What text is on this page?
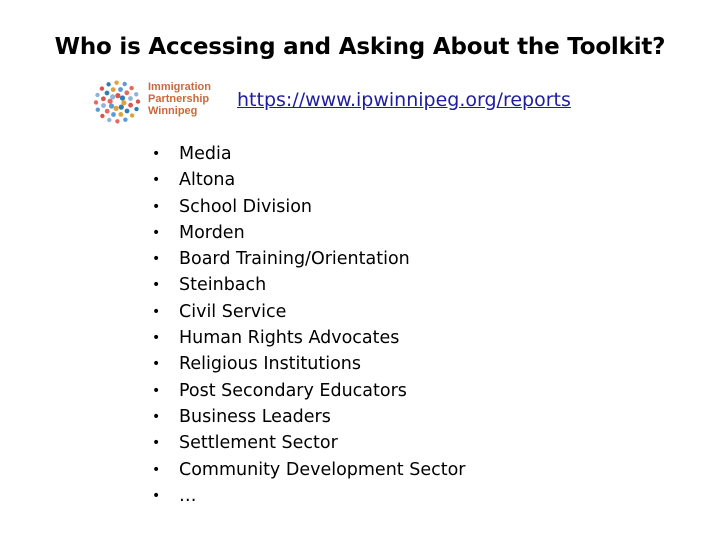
Who is Accessing and Asking About the Toolkit?
Immigration
Partnership
Winnipeg	https://www.ipwinnipeg.org/reports
• Media
• Altona
• School Division
• Morden
• Board Training/Orientation
• Steinbach
• Civil Service
• Human Rights Advocates
• Religious Institutions
• Post Secondary Educators
• Business Leaders
• Settlement Sector
• Community Development Sector
• …
